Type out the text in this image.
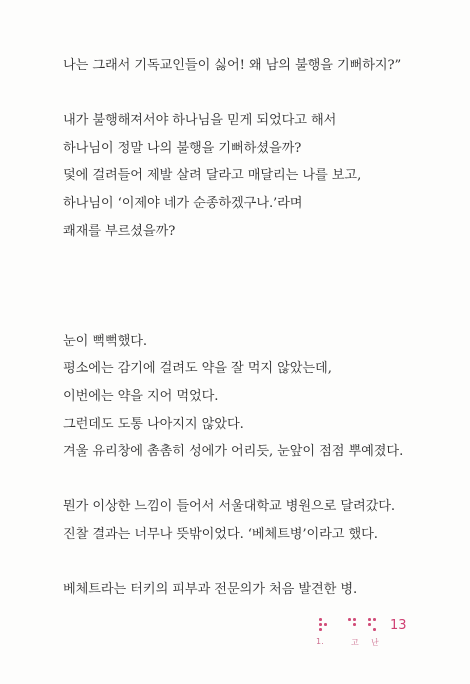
나는 그래서 기독교인들이 싫어! 왜 남의 불행을 기뻐하지?”
내가 불행해져서야 하나님을 믿게 되었다고 해서
하나님이 정말 나의 불행을 기뻐하셨을까?
덫에 걸려들어 제발 살려 달라고 매달리는 나를 보고,
하나님이 ‘이제야 네가 순종하겠구나.’라며
쾌재를 부르셨을까?
눈이 뻑뻑했다.
평소에는 감기에 걸려도 약을 잘 먹지 않았는데,
이번에는 약을 지어 먹었다.
그런데도 도통 나아지지 않았다.
겨울 유리창에 촘촘히 성에가 어리듯, 눈앞이 점점 뿌예졌다.
뭔가 이상한 느낌이 들어서 서울대학교 병원으로 달려갔다.
진찰 결과는 너무나 뜻밖이었다. ‘베체트병’이라고 했다.
베체트라는 터키의 피부과 전문의가 처음 발견한 병.
1.	고 난
13
